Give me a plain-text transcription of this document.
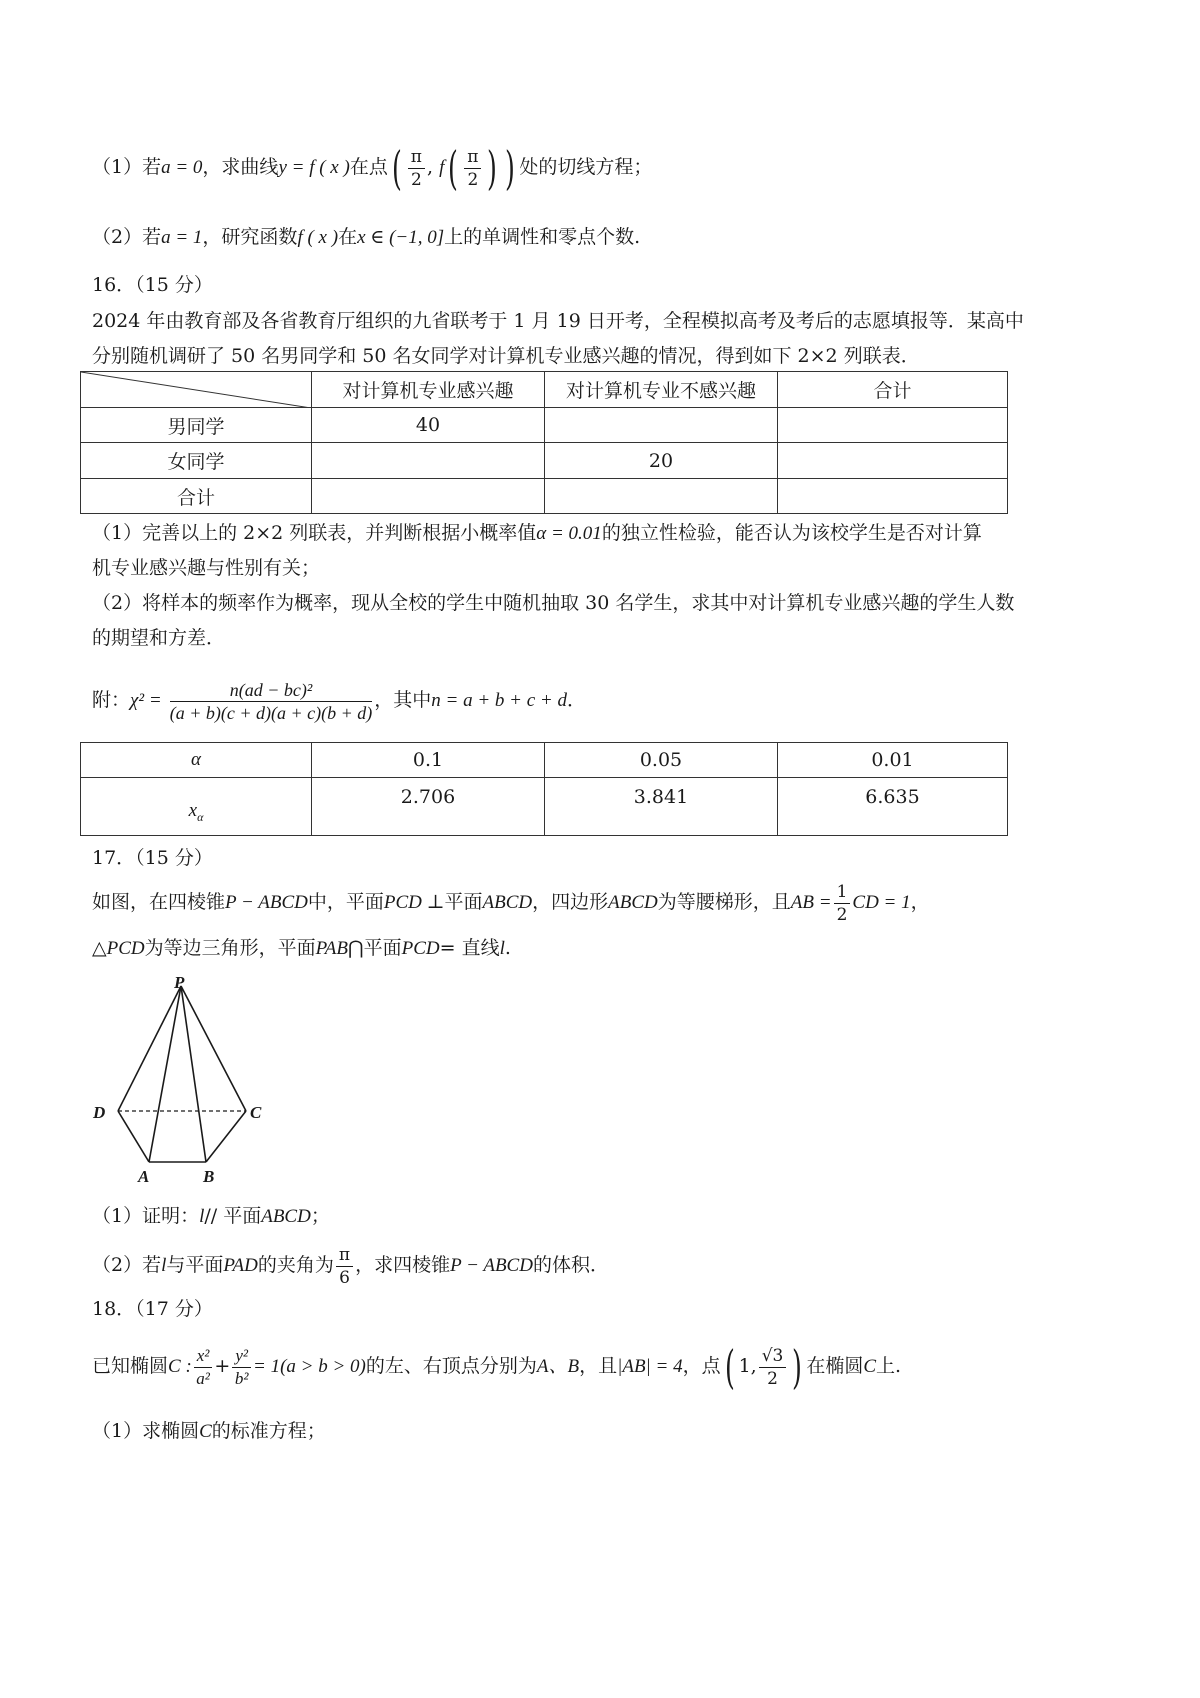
（1）若a = 0，求曲线y = f ( x )在点( $\frac{\pi}{2}$ , $f( \frac{\pi}{2}$ ) ) 处的切线方程；
（2）若a = 1，研究函数f ( x )在x ∈ (−1, 0]上的单调性和零点个数.
16．（15 分）
2024 年由教育部及各省教育厅组织的九省联考于 1 月 19 日开考，全程模拟高考及考后的志愿填报等．某高中
分别随机调研了 50 名男同学和 50 名女同学对计算机专业感兴趣的情况，得到如下 2×2 列联表．
	对计算机专业感兴趣	对计算机专业不感兴趣	合计
男同学	40		
女同学		20	
合计			
（1）完善以上的 2×2 列联表，并判断根据小概率值α = 0.01的独立性检验，能否认为该校学生是否对计算
机专业感兴趣与性别有关；
（2）将样本的频率作为概率，现从全校的学生中随机抽取 30 名学生，求其中对计算机专业感兴趣的学生人数
的期望和方差．
附：$\chi^2 = \frac{\text{n(ad − bc)²}}{(a + b)(c + d)(a + c)(b + d)}$ ，其中n = a + b + c + d．
α	0.1	0.05	0.01
$x_\alpha$	2.706	3.841	6.635
17．（15 分）
如图，在四棱锥P − ABCD中，平面PCD ⊥平面ABCD，四边形ABCD为等腰梯形，且AB = $\frac{1}{2}$ CD = 1，
△PCD为等边三角形，平面PAB⋂平面PCD= 直线l.
P
D	C
A	B
（1）证明：l// 平面ABCD；
（2）若l与平面PAD的夹角为 $\frac{\pi}{6}$ ，求四棱锥P − ABCD的体积．
18．（17 分）
已知椭圆C : $\frac{\text{x²}}{\text{a²}} + \frac{\text{y²}}{\text{b²}} = 1(a > b > 0)$的左、右顶点分别为A、B，且|AB| = 4，点( 1, $\frac{√3}{2}$ ) 在椭圆C上.
（1）求椭圆C的标准方程；
